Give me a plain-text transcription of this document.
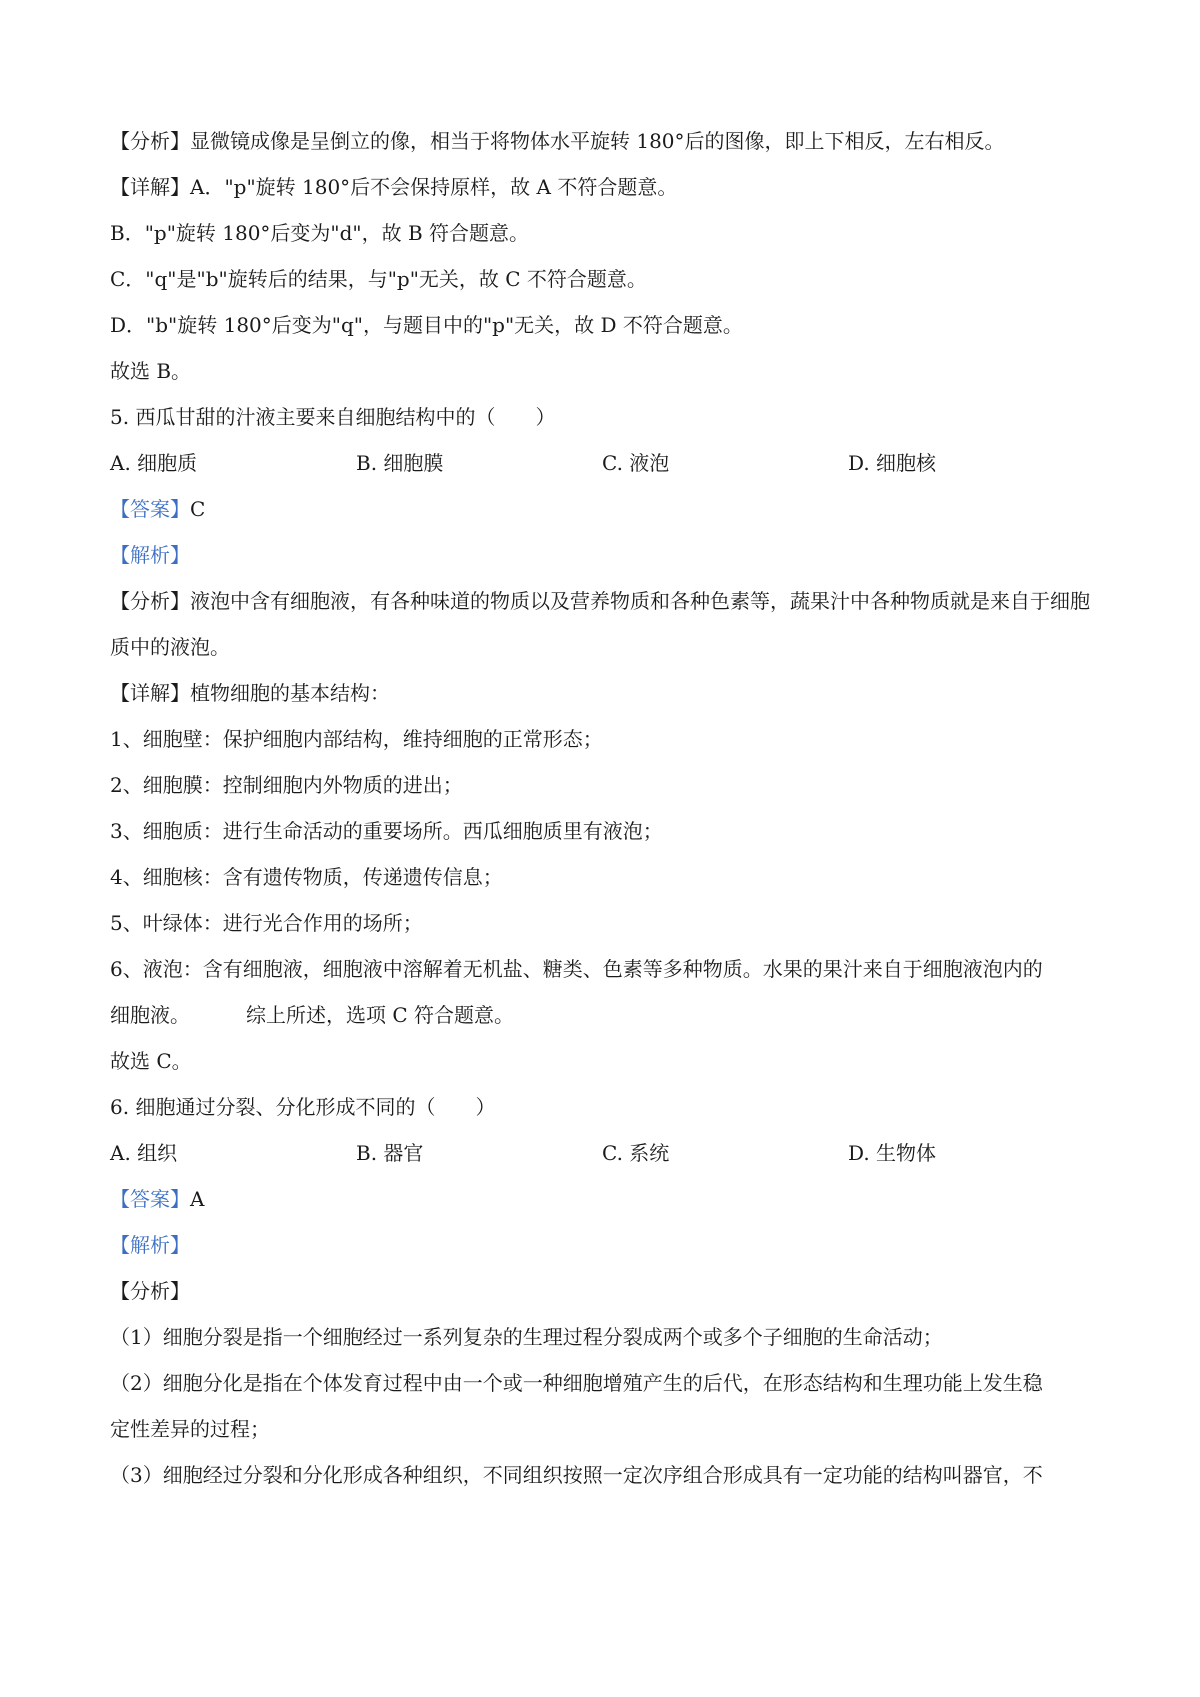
【分析】显微镜成像是呈倒立的像，相当于将物体水平旋转 180°后的图像，即上下相反，左右相反。
【详解】A．"p"旋转 180°后不会保持原样，故 A 不符合题意。
B．"p"旋转 180°后变为"d"，故 B 符合题意。
C．"q"是"b"旋转后的结果，与"p"无关，故 C 不符合题意。
D．"b"旋转 180°后变为"q"，与题目中的"p"无关，故 D 不符合题意。
故选 B。
5. 西瓜甘甜的汁液主要来自细胞结构中的（　　）
A. 细胞质	B. 细胞膜	C. 液泡	D. 细胞核
【答案】C
【解析】
【分析】液泡中含有细胞液，有各种味道的物质以及营养物质和各种色素等，蔬果汁中各种物质就是来自于细胞质中的液泡。
【详解】植物细胞的基本结构：
1、细胞壁：保护细胞内部结构，维持细胞的正常形态；
2、细胞膜：控制细胞内外物质的进出；
3、细胞质：进行生命活动的重要场所。西瓜细胞质里有液泡；
4、细胞核：含有遗传物质，传递遗传信息；
5、叶绿体：进行光合作用的场所；
6、液泡：含有细胞液，细胞液中溶解着无机盐、糖类、色素等多种物质。水果的果汁来自于细胞液泡内的
细胞液。	综上所述，选项 C 符合题意。
故选 C。
6. 细胞通过分裂、分化形成不同的（　　）
A. 组织	B. 器官	C. 系统	D. 生物体
【答案】A
【解析】
【分析】
（1）细胞分裂是指一个细胞经过一系列复杂的生理过程分裂成两个或多个子细胞的生命活动；
（2）细胞分化是指在个体发育过程中由一个或一种细胞增殖产生的后代，在形态结构和生理功能上发生稳
定性差异的过程；
（3）细胞经过分裂和分化形成各种组织，不同组织按照一定次序组合形成具有一定功能的结构叫器官，不
